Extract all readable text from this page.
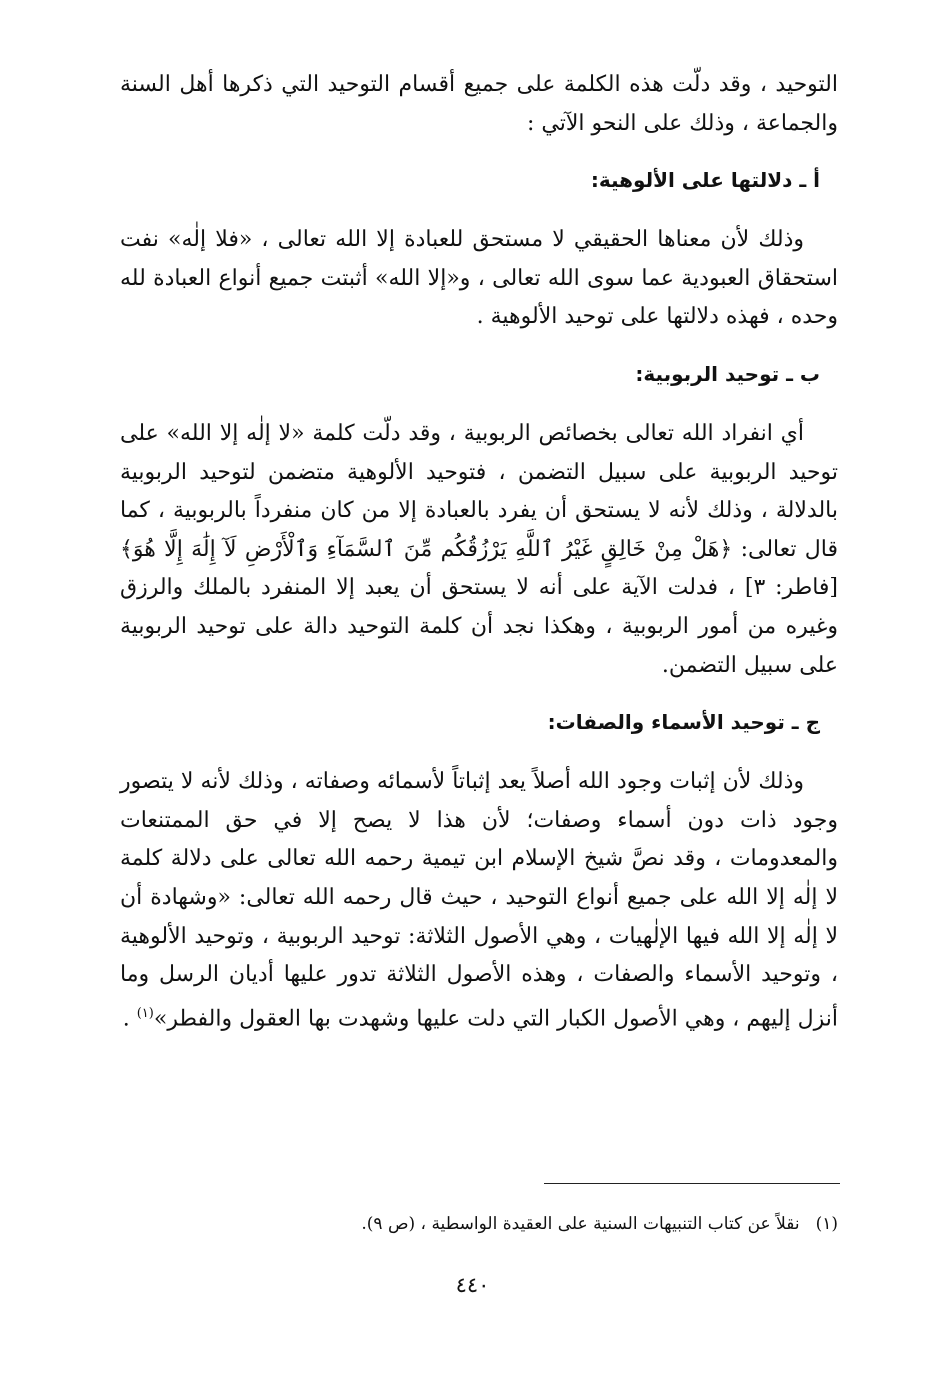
التوحيد ، وقد دلّت هذه الكلمة على جميع أقسام التوحيد التي ذكرها أهل السنة والجماعة ، وذلك على النحو الآتي :

أ ـ دلالتها على الألوهية:

وذلك لأن معناها الحقيقي لا مستحق للعبادة إلا الله تعالى ، «فلا إلٰه» نفت استحقاق العبودية عما سوى الله تعالى ، و«إلا الله» أثبتت جميع أنواع العبادة لله وحده ، فهذه دلالتها على توحيد الألوهية .

ب ـ توحيد الربوبية:

أي انفراد الله تعالى بخصائص الربوبية ، وقد دلّت كلمة «لا إلٰه إلا الله» على توحيد الربوبية على سبيل التضمن ، فتوحيد الألوهية متضمن لتوحيد الربوبية بالدلالة ، وذلك لأنه لا يستحق أن يفرد بالعبادة إلا من كان منفرداً بالربوبية ، كما قال تعالى: ﴿هَلْ مِنْ خَالِقٍ غَيْرُ ٱللَّهِ يَرْزُقُكُم مِّنَ ٱلسَّمَآءِ وَٱلْأَرْضِ لَآ إِلَٰهَ إِلَّا هُوَ﴾ [فاطر: ٣] ، فدلت الآية على أنه لا يستحق أن يعبد إلا المنفرد بالملك والرزق وغيره من أمور الربوبية ، وهكذا نجد أن كلمة التوحيد دالة على توحيد الربوبية على سبيل التضمن.

ج ـ توحيد الأسماء والصفات:

وذلك لأن إثبات وجود الله أصلاً يعد إثباتاً لأسمائه وصفاته ، وذلك لأنه لا يتصور وجود ذات دون أسماء وصفات؛ لأن هذا لا يصح إلا في حق الممتنعات والمعدومات ، وقد نصَّ شيخ الإسلام ابن تيمية رحمه الله تعالى على دلالة كلمة لا إلٰه إلا الله على جميع أنواع التوحيد ، حيث قال رحمه الله تعالى: «وشهادة أن لا إلٰه إلا الله فيها الإلٰهيات ، وهي الأصول الثلاثة: توحيد الربوبية ، وتوحيد الألوهية ، وتوحيد الأسماء والصفات ، وهذه الأصول الثلاثة تدور عليها أديان الرسل وما أنزل إليهم ، وهي الأصول الكبار التي دلت عليها وشهدت بها العقول والفطر»$^{(١)}$ .

(١)نقلاً عن كتاب التنبيهات السنية على العقيدة الواسطية ، (ص ٩).
٤٤٠
